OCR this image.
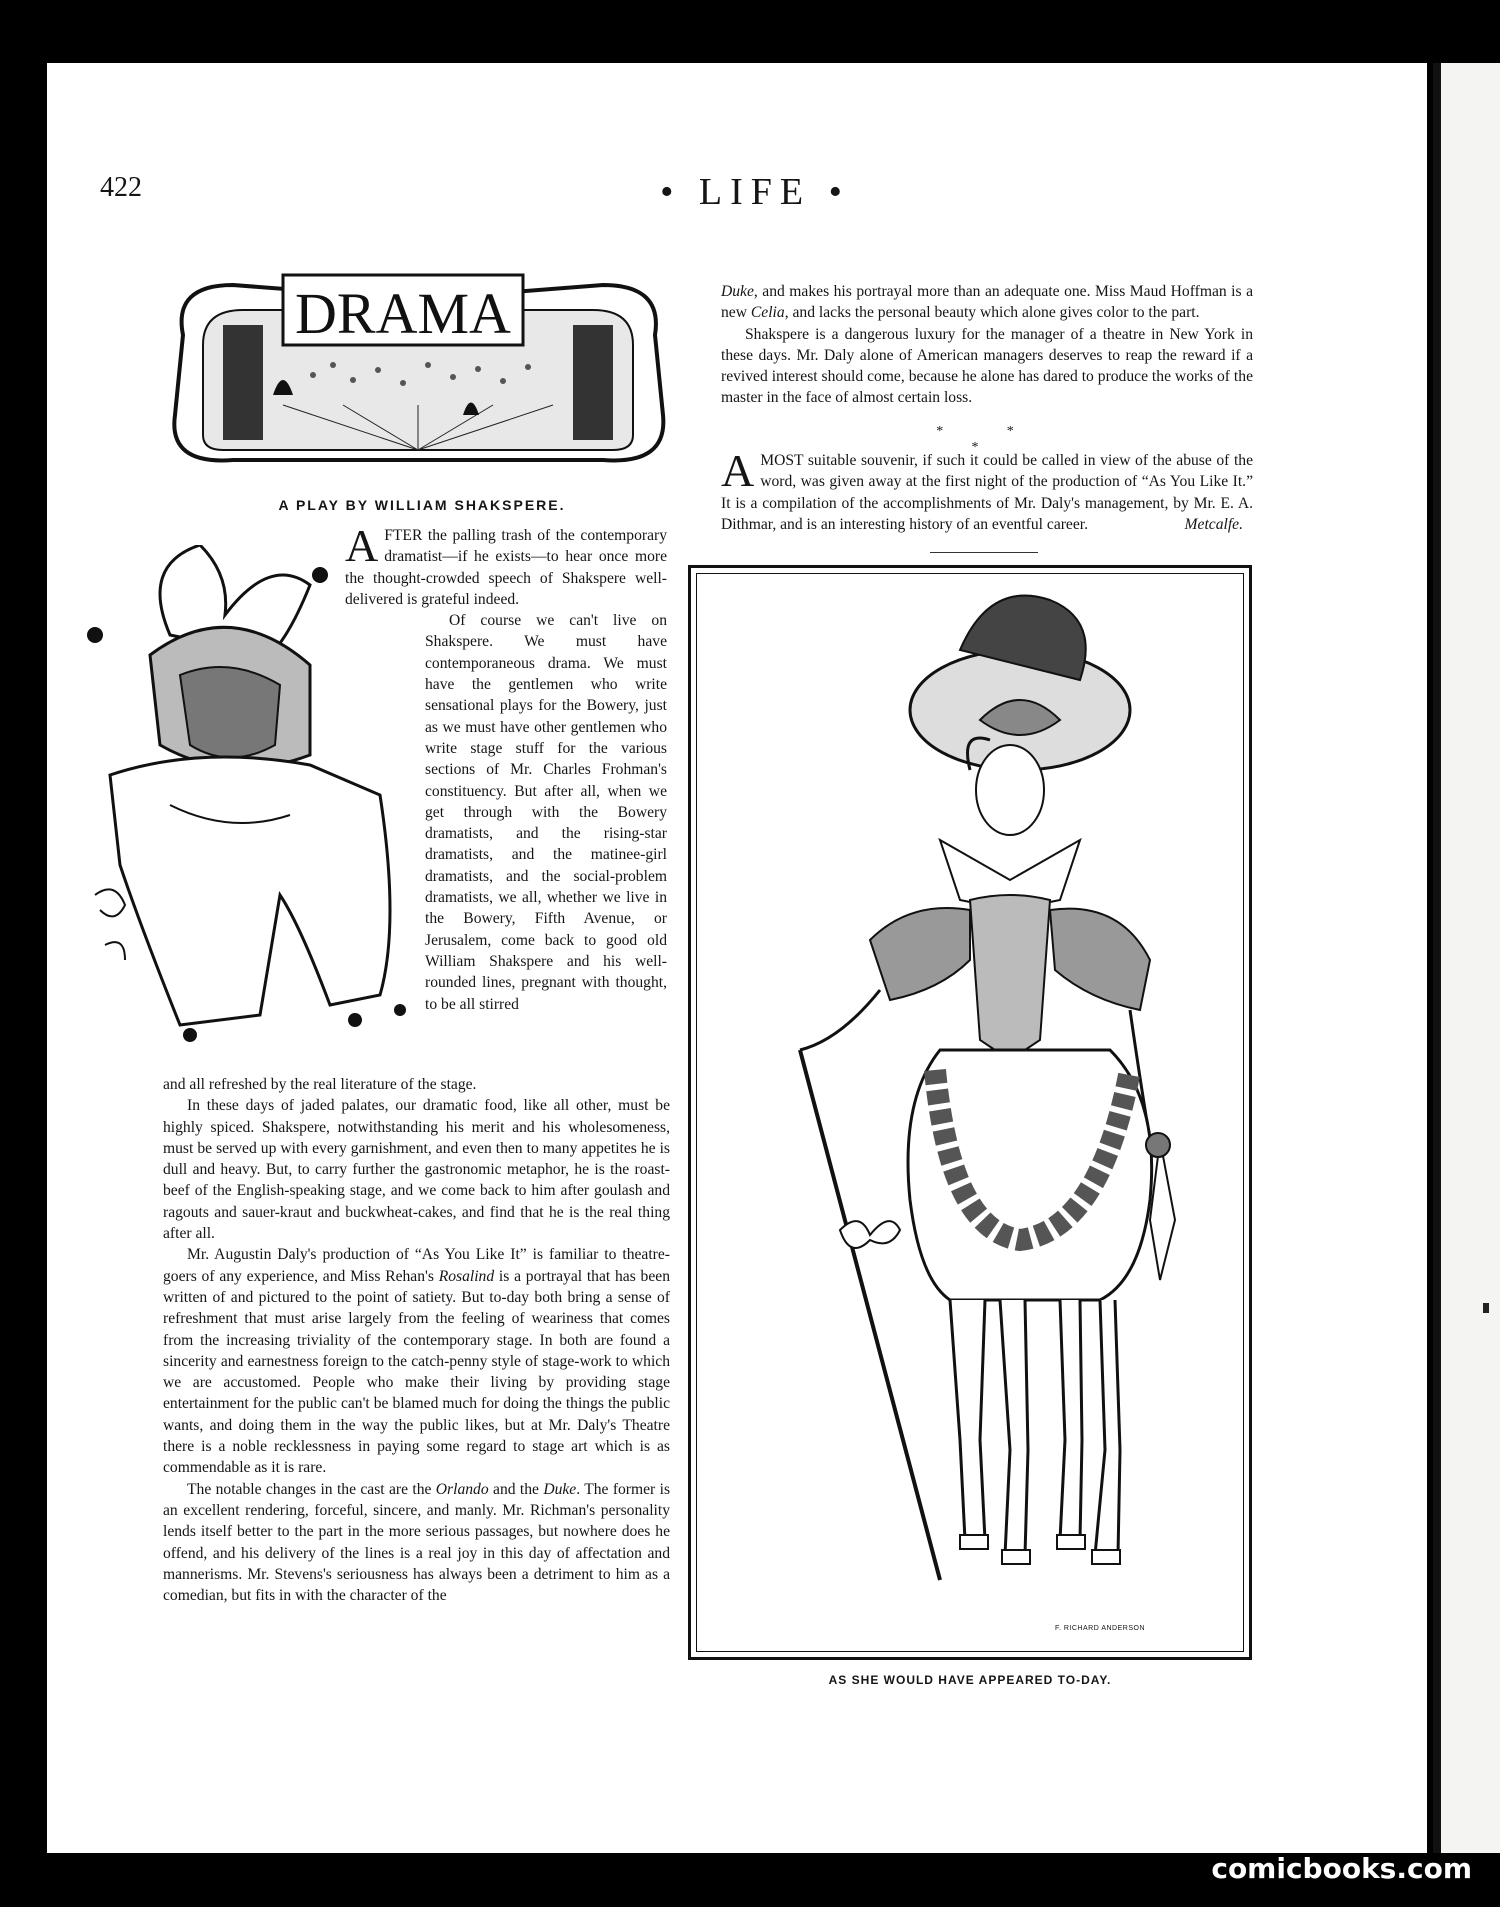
422	• LIFE •
DRAMA
A PLAY BY WILLIAM SHAKSPERE.

AFTER the palling trash of the contemporary dramatist—if he exists—to hear once more the thought-crowded speech of Shakspere well-delivered is grateful indeed.

Of course we can't live on Shakspere. We must have contemporaneous drama. We must have the gentlemen who write sensational plays for the Bowery, just as we must have other gentlemen who write stage stuff for the various sections of Mr. Charles Frohman's constituency. But after all, when we get through with the Bowery dramatists, and the rising-star dramatists, and the matinee-girl dramatists, and the social-problem dramatists, we all, whether we live in the Bowery, Fifth Avenue, or Jerusalem, come back to good old William Shakspere and his well-rounded lines, pregnant with thought, to be all stirred

and all refreshed by the real literature of the stage.

In these days of jaded palates, our dramatic food, like all other, must be highly spiced. Shakspere, notwithstanding his merit and his wholesomeness, must be served up with every garnishment, and even then to many appetites he is dull and heavy. But, to carry further the gastronomic metaphor, he is the roast-beef of the English-speaking stage, and we come back to him after goulash and ragouts and sauer-kraut and buckwheat-cakes, and find that he is the real thing after all.

Mr. Augustin Daly's production of “As You Like It” is familiar to theatre-goers of any experience, and Miss Rehan's Rosalind is a portrayal that has been written of and pictured to the point of satiety. But to-day both bring a sense of refreshment that must arise largely from the feeling of weariness that comes from the increasing triviality of the contemporary stage. In both are found a sincerity and earnestness foreign to the catch-penny style of stage-work to which we are accustomed. People who make their living by providing stage entertainment for the public can't be blamed much for doing the things the public wants, and doing them in the way the public likes, but at Mr. Daly's Theatre there is a noble recklessness in paying some regard to stage art which is as commendable as it is rare.

The notable changes in the cast are the Orlando and the Duke. The former is an excellent rendering, forceful, sincere, and manly. Mr. Richman's personality lends itself better to the part in the more serious passages, but nowhere does he offend, and his delivery of the lines is a real joy in this day of affectation and mannerisms. Mr. Stevens's seriousness has always been a detriment to him as a comedian, but fits in with the character of the

Duke, and makes his portrayal more than an adequate one. Miss Maud Hoffman is a new Celia, and lacks the personal beauty which alone gives color to the part.

Shakspere is a dangerous luxury for the manager of a theatre in New York in these days. Mr. Daly alone of American managers deserves to reap the reward if a revived interest should come, because he alone has dared to produce the works of the master in the face of almost certain loss.

* * *

AMOST suitable souvenir, if such it could be called in view of the abuse of the word, was given away at the first night of the production of “As You Like It.” It is a compilation of the accomplishments of Mr. Daly's management, by Mr. E. A. Dithmar, and is an interesting history of an eventful career.	Metcalfe.

F. RICHARD ANDERSON
AS SHE WOULD HAVE APPEARED TO-DAY.
comicbooks.com
